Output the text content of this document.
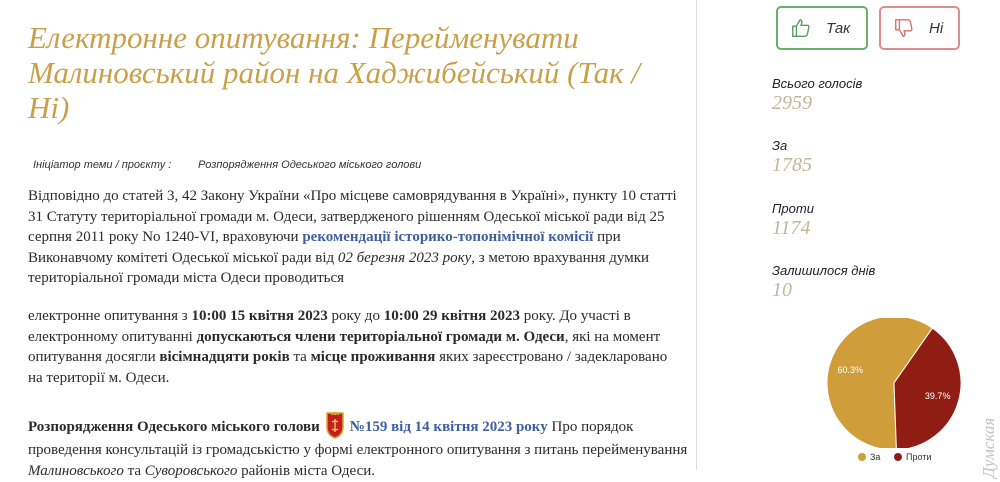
Електронне опитування: Перейменувати Малиновський район на Хаджибейський (Так / Ні)
Ініціатор теми / проєкту : Розпорядження Одеського міського голови
Відповідно до статей 3, 42 Закону України «Про місцеве самоврядування в Україні», пункту 10 статті 31 Статуту територіальної громади м. Одеси, затвердженого рішенням Одеської міської ради від 25 серпня 2011 року No 1240-VI, враховуючи рекомендації історико-топонімічної комісії при Виконавчому комітеті Одеської міської ради від 02 березня 2023 року, з метою врахування думки територіальної громади міста Одеси проводиться
електронне опитування з 10:00 15 квітня 2023 року до 10:00 29 квітня 2023 року. До участі в електронному опитуванні допускаються члени територіальної громади м. Одеси, які на момент опитування досягли вісімнадцяти років та місце проживання яких зареєстровано / задекларовано на території м. Одеси.
Розпорядження Одеського міського голови №159 від 14 квітня 2023 року Про порядок проведення консультацій із громадськістю у формі електронного опитування з питань перейменування Малиновського та Суворовського районів міста Одеси.
Так	Ні
Всього голосів
2959
За
1785
Проти
1174
Залишилося днів
10
60.3%
39.7%
За	Проти	Думская
